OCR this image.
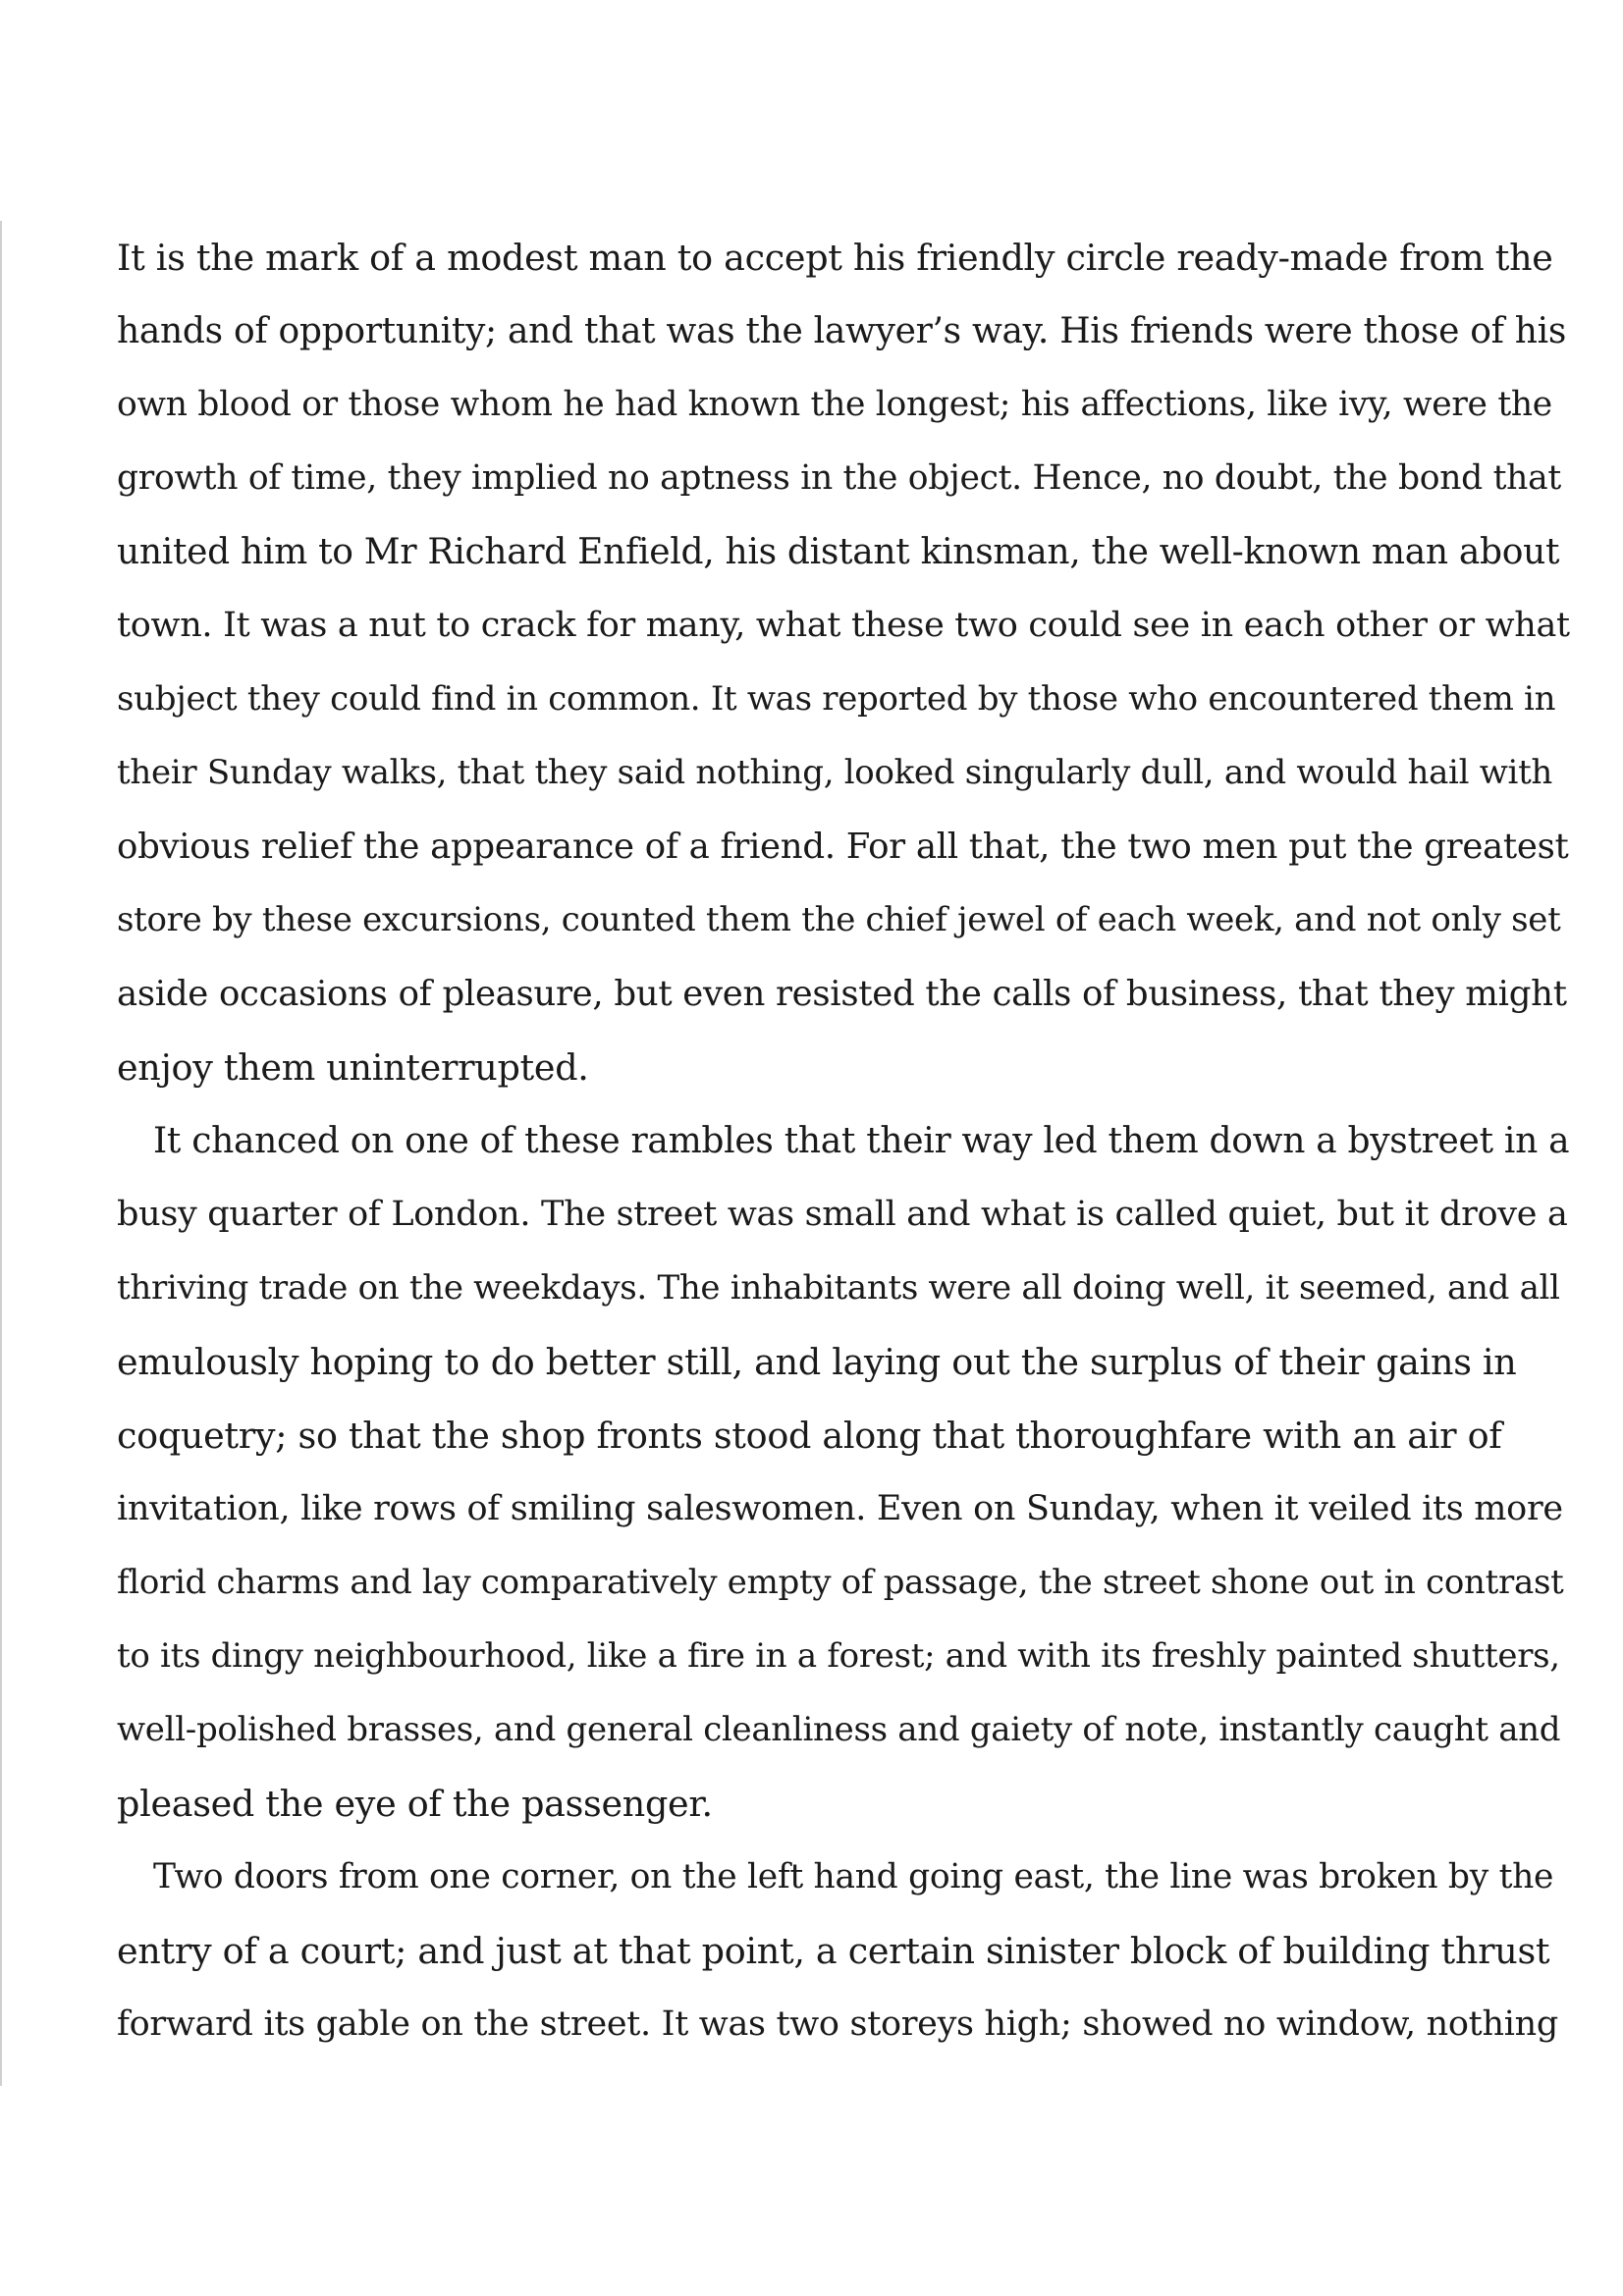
It is the mark of a modest man to accept his friendly circle ready-made from the
hands of opportunity; and that was the lawyer’s way. His friends were those of his
own blood or those whom he had known the longest; his affections, like ivy, were the
growth of time, they implied no aptness in the object. Hence, no doubt, the bond that
united him to Mr Richard Enfield, his distant kinsman, the well-known man about
town. It was a nut to crack for many, what these two could see in each other or what
subject they could find in common. It was reported by those who encountered them in
their Sunday walks, that they said nothing, looked singularly dull, and would hail with
obvious relief the appearance of a friend. For all that, the two men put the greatest
store by these excursions, counted them the chief jewel of each week, and not only set
aside occasions of pleasure, but even resisted the calls of business, that they might
enjoy them uninterrupted.
It chanced on one of these rambles that their way led them down a bystreet in a
busy quarter of London. The street was small and what is called quiet, but it drove a
thriving trade on the weekdays. The inhabitants were all doing well, it seemed, and all
emulously hoping to do better still, and laying out the surplus of their gains in
coquetry; so that the shop fronts stood along that thoroughfare with an air of
invitation, like rows of smiling saleswomen. Even on Sunday, when it veiled its more
florid charms and lay comparatively empty of passage, the street shone out in contrast
to its dingy neighbourhood, like a fire in a forest; and with its freshly painted shutters,
well-polished brasses, and general cleanliness and gaiety of note, instantly caught and
pleased the eye of the passenger.
Two doors from one corner, on the left hand going east, the line was broken by the
entry of a court; and just at that point, a certain sinister block of building thrust
forward its gable on the street. It was two storeys high; showed no window, nothing
